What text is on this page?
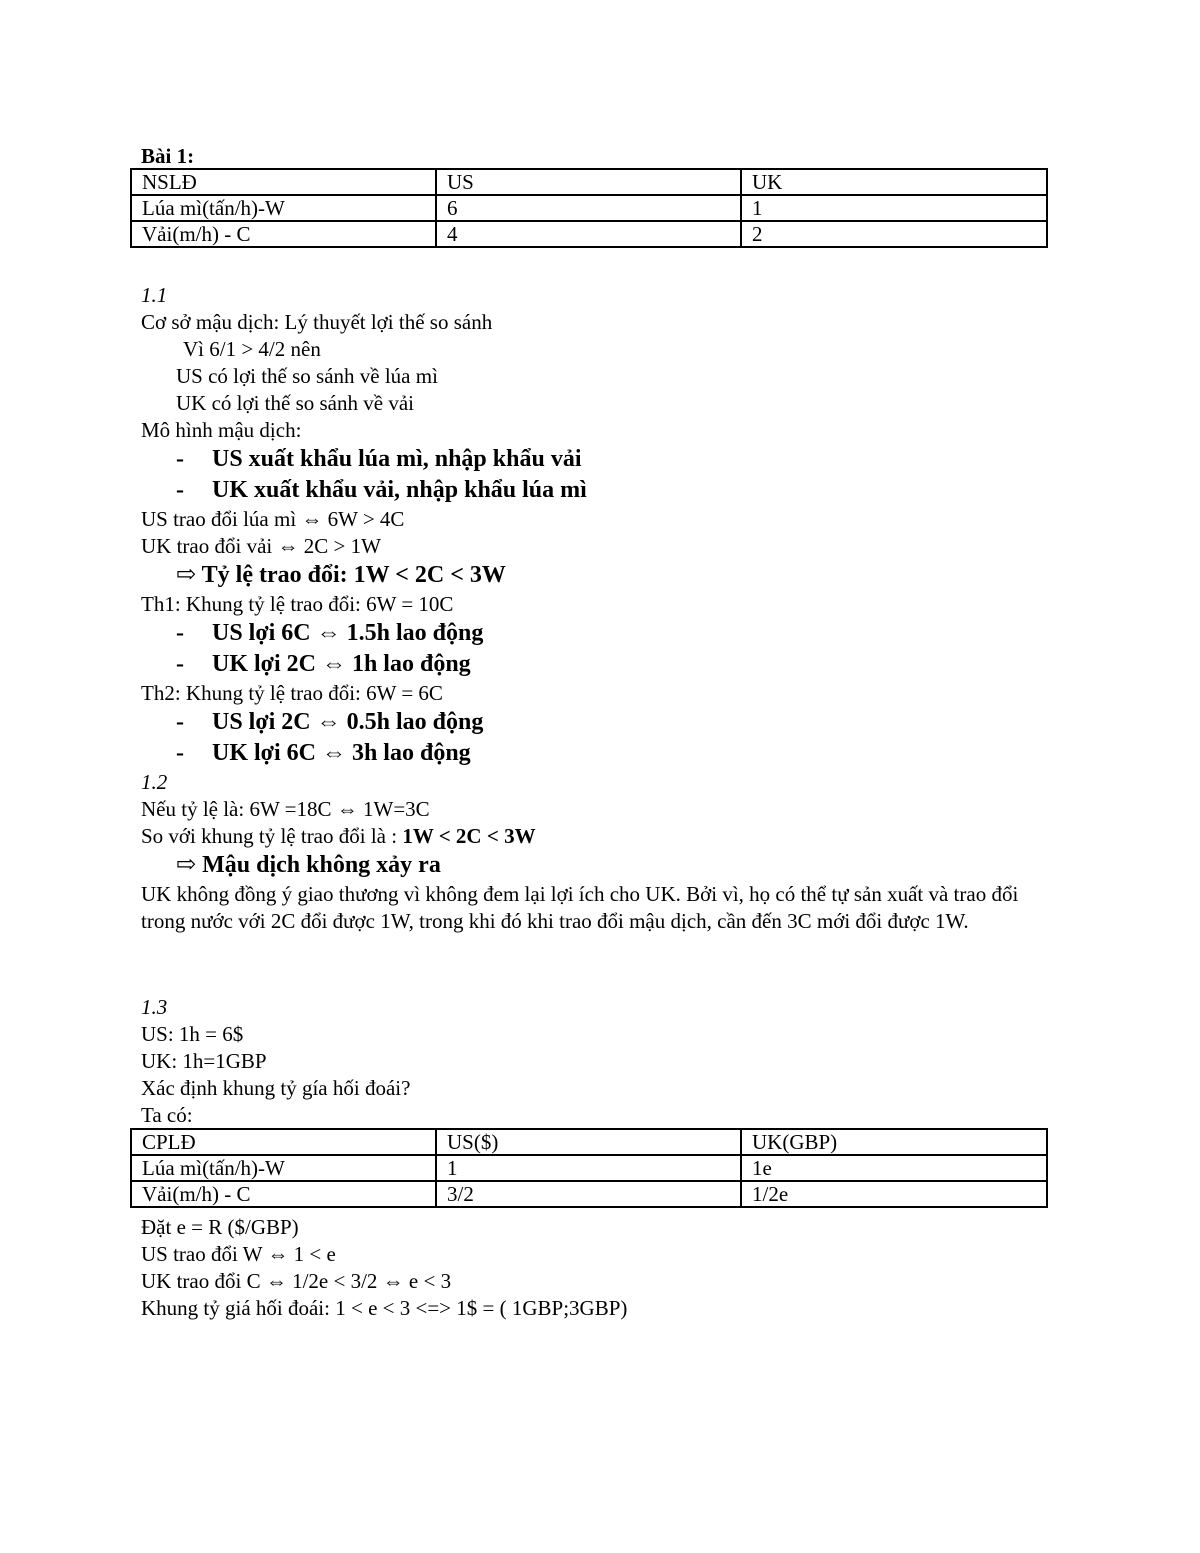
Bài 1:
NSLĐ	US	UK
Lúa mì(tấn/h)-W	6	1
Vải(m/h) - C	4	2
1.1
Cơ sở mậu dịch: Lý thuyết lợi thế so sánh
Vì 6/1 > 4/2 nên
US có lợi thế so sánh về lúa mì
UK có lợi thế so sánh về vải
Mô hình mậu dịch:
- US xuất khẩu lúa mì, nhập khẩu vải
- UK xuất khẩu vải, nhập khẩu lúa mì
US trao đổi lúa mì ⇔ 6W > 4C
UK trao đổi vải ⇔ 2C > 1W
⇨ Tỷ lệ trao đổi: 1W < 2C < 3W
Th1: Khung tỷ lệ trao đổi: 6W = 10C
- US lợi 6C ⇔ 1.5h lao động
- UK lợi 2C ⇔ 1h lao động
Th2: Khung tỷ lệ trao đổi: 6W = 6C
- US lợi 2C ⇔ 0.5h lao động
- UK lợi 6C ⇔ 3h lao động
1.2
Nếu tỷ lệ là: 6W =18C ⇔ 1W=3C
So với khung tỷ lệ trao đổi là : 1W < 2C < 3W
⇨ Mậu dịch không xảy ra
UK không đồng ý giao thương vì không đem lại lợi ích cho UK. Bởi vì, họ có thể tự sản xuất và trao đổi trong nước với 2C đổi được 1W, trong khi đó khi trao đổi mậu dịch, cần đến 3C mới đổi được 1W.
1.3
US: 1h = 6$
UK: 1h=1GBP
Xác định khung tỷ gía hối đoái?
Ta có:
CPLĐ	US($)	UK(GBP)
Lúa mì(tấn/h)-W	1	1e
Vải(m/h) - C	3/2	1/2e
Đặt e = R ($/GBP)
US trao đổi W ⇔ 1 < e
UK trao đổi C ⇔ 1/2e < 3/2 ⇔ e < 3
Khung tỷ giá hối đoái: 1 < e < 3 <=> 1$ = ( 1GBP;3GBP)
